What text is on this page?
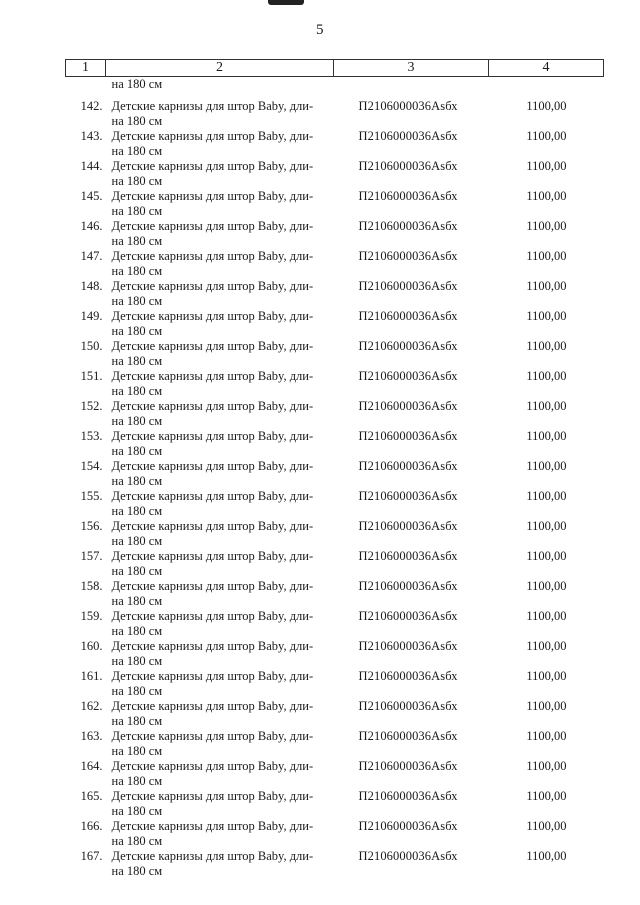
5
1	2	3	4
	на 180 см		
142.	Детские карнизы для штор Baby, дли-
на 180 см	П2106000036Asбх	1100,00
143.	Детские карнизы для штор Baby, дли-
на 180 см	П2106000036Asбх	1100,00
144.	Детские карнизы для штор Baby, дли-
на 180 см	П2106000036Asбх	1100,00
145.	Детские карнизы для штор Baby, дли-
на 180 см	П2106000036Asбх	1100,00
146.	Детские карнизы для штор Baby, дли-
на 180 см	П2106000036Asбх	1100,00
147.	Детские карнизы для штор Baby, дли-
на 180 см	П2106000036Asбх	1100,00
148.	Детские карнизы для штор Baby, дли-
на 180 см	П2106000036Asбх	1100,00
149.	Детские карнизы для штор Baby, дли-
на 180 см	П2106000036Asбх	1100,00
150.	Детские карнизы для штор Baby, дли-
на 180 см	П2106000036Asбх	1100,00
151.	Детские карнизы для штор Baby, дли-
на 180 см	П2106000036Asбх	1100,00
152.	Детские карнизы для штор Baby, дли-
на 180 см	П2106000036Asбх	1100,00
153.	Детские карнизы для штор Baby, дли-
на 180 см	П2106000036Asбх	1100,00
154.	Детские карнизы для штор Baby, дли-
на 180 см	П2106000036Asбх	1100,00
155.	Детские карнизы для штор Baby, дли-
на 180 см	П2106000036Asбх	1100,00
156.	Детские карнизы для штор Baby, дли-
на 180 см	П2106000036Asбх	1100,00
157.	Детские карнизы для штор Baby, дли-
на 180 см	П2106000036Asбх	1100,00
158.	Детские карнизы для штор Baby, дли-
на 180 см	П2106000036Asбх	1100,00
159.	Детские карнизы для штор Baby, дли-
на 180 см	П2106000036Asбх	1100,00
160.	Детские карнизы для штор Baby, дли-
на 180 см	П2106000036Asбх	1100,00
161.	Детские карнизы для штор Baby, дли-
на 180 см	П2106000036Asбх	1100,00
162.	Детские карнизы для штор Baby, дли-
на 180 см	П2106000036Asбх	1100,00
163.	Детские карнизы для штор Baby, дли-
на 180 см	П2106000036Asбх	1100,00
164.	Детские карнизы для штор Baby, дли-
на 180 см	П2106000036Asбх	1100,00
165.	Детские карнизы для штор Baby, дли-
на 180 см	П2106000036Asбх	1100,00
166.	Детские карнизы для штор Baby, дли-
на 180 см	П2106000036Asбх	1100,00
167.	Детские карнизы для штор Baby, дли-
на 180 см	П2106000036Asбх	1100,00
